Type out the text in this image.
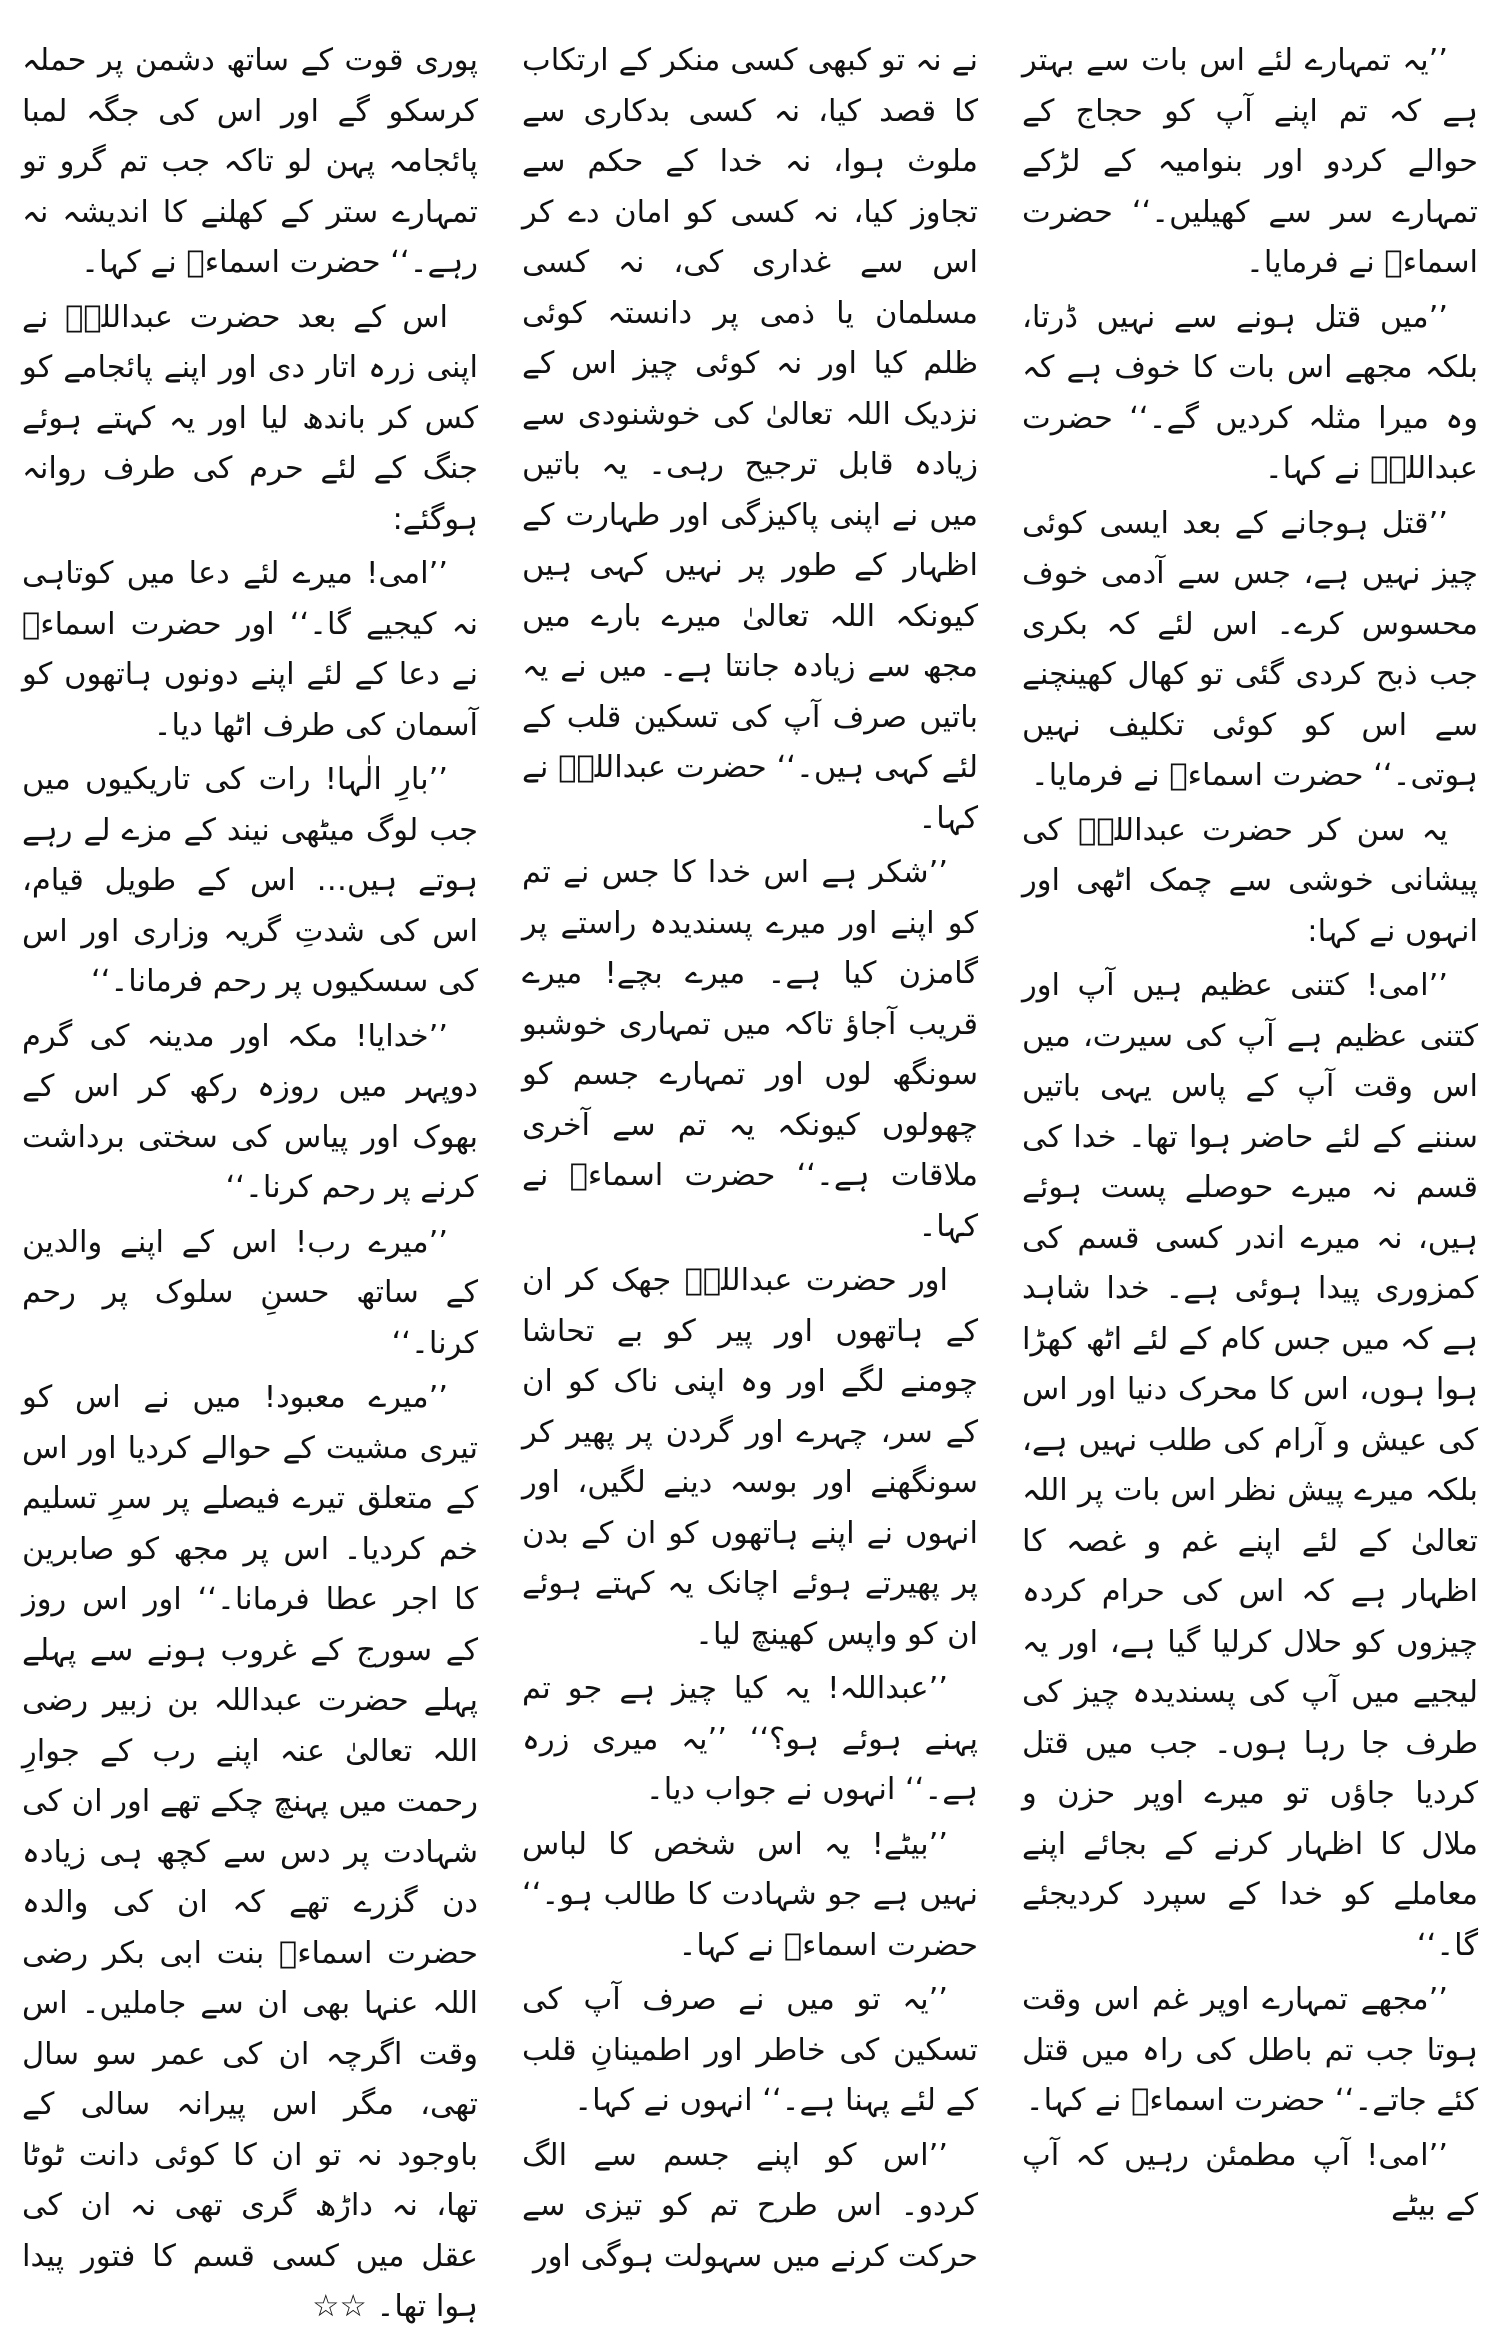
’’یہ تمہارے لئے اس بات سے بہتر ہے کہ تم اپنے آپ کو حجاج کے حوالے کردو اور بنوامیہ کے لڑکے تمہارے سر سے کھیلیں۔‘‘ حضرت اسماءؓ نے فرمایا۔

’’میں قتل ہونے سے نہیں ڈرتا، بلکہ مجھے اس بات کا خوف ہے کہ وہ میرا مثلہ کردیں گے۔‘‘ حضرت عبداللہؓ نے کہا۔

’’قتل ہوجانے کے بعد ایسی کوئی چیز نہیں ہے، جس سے آدمی خوف محسوس کرے۔ اس لئے کہ بکری جب ذبح کردی گئی تو کھال کھینچنے سے اس کو کوئی تکلیف نہیں ہوتی۔‘‘ حضرت اسماءؓ نے فرمایا۔

یہ سن کر حضرت عبداللہؓ کی پیشانی خوشی سے چمک اٹھی اور انہوں نے کہا:

’’امی! کتنی عظیم ہیں آپ اور کتنی عظیم ہے آپ کی سیرت، میں اس وقت آپ کے پاس یہی باتیں سننے کے لئے حاضر ہوا تھا۔ خدا کی قسم نہ میرے حوصلے پست ہوئے ہیں، نہ میرے اندر کسی قسم کی کمزوری پیدا ہوئی ہے۔ خدا شاہد ہے کہ میں جس کام کے لئے اٹھ کھڑا ہوا ہوں، اس کا محرک دنیا اور اس کی عیش و آرام کی طلب نہیں ہے، بلکہ میرے پیش نظر اس بات پر اللہ تعالیٰ کے لئے اپنے غم و غصہ کا اظہار ہے کہ اس کی حرام کردہ چیزوں کو حلال کرلیا گیا ہے، اور یہ لیجیے میں آپ کی پسندیدہ چیز کی طرف جا رہا ہوں۔ جب میں قتل کردیا جاؤں تو میرے اوپر حزن و ملال کا اظہار کرنے کے بجائے اپنے معاملے کو خدا کے سپرد کردیجئے گا۔‘‘

’’مجھے تمہارے اوپر غم اس وقت ہوتا جب تم باطل کی راہ میں قتل کئے جاتے۔‘‘ حضرت اسماءؓ نے کہا۔

’’امی! آپ مطمئن رہیں کہ آپ کے بیٹے

نے نہ تو کبھی کسی منکر کے ارتکاب کا قصد کیا، نہ کسی بدکاری سے ملوث ہوا، نہ خدا کے حکم سے تجاوز کیا، نہ کسی کو امان دے کر اس سے غداری کی، نہ کسی مسلمان یا ذمی پر دانستہ کوئی ظلم کیا اور نہ کوئی چیز اس کے نزدیک اللہ تعالیٰ کی خوشنودی سے زیادہ قابل ترجیح رہی۔ یہ باتیں میں نے اپنی پاکیزگی اور طہارت کے اظہار کے طور پر نہیں کہی ہیں کیونکہ اللہ تعالیٰ میرے بارے میں مجھ سے زیادہ جانتا ہے۔ میں نے یہ باتیں صرف آپ کی تسکین قلب کے لئے کہی ہیں۔‘‘ حضرت عبداللہؓ نے کہا۔

’’شکر ہے اس خدا کا جس نے تم کو اپنے اور میرے پسندیدہ راستے پر گامزن کیا ہے۔ میرے بچے! میرے قریب آجاؤ تاکہ میں تمہاری خوشبو سونگھ لوں اور تمہارے جسم کو چھولوں کیونکہ یہ تم سے آخری ملاقات ہے۔‘‘ حضرت اسماءؓ نے کہا۔

اور حضرت عبداللہؓ جھک کر ان کے ہاتھوں اور پیر کو بے تحاشا چومنے لگے اور وہ اپنی ناک کو ان کے سر، چہرے اور گردن پر پھیر کر سونگھنے اور بوسہ دینے لگیں، اور انہوں نے اپنے ہاتھوں کو ان کے بدن پر پھیرتے ہوئے اچانک یہ کہتے ہوئے ان کو واپس کھینچ لیا۔

’’عبداللہ! یہ کیا چیز ہے جو تم پہنے ہوئے ہو؟‘‘ ’’یہ میری زرہ ہے۔‘‘ انہوں نے جواب دیا۔

’’بیٹے! یہ اس شخص کا لباس نہیں ہے جو شہادت کا طالب ہو۔‘‘ حضرت اسماءؓ نے کہا۔

’’یہ تو میں نے صرف آپ کی تسکین کی خاطر اور اطمینانِ قلب کے لئے پہنا ہے۔‘‘ انہوں نے کہا۔

’’اس کو اپنے جسم سے الگ کردو۔ اس طرح تم کو تیزی سے حرکت کرنے میں سہولت ہوگی اور

پوری قوت کے ساتھ دشمن پر حملہ کرسکو گے اور اس کی جگہ لمبا پائجامہ پہن لو تاکہ جب تم گرو تو تمہارے ستر کے کھلنے کا اندیشہ نہ رہے۔‘‘ حضرت اسماءؓ نے کہا۔

اس کے بعد حضرت عبداللہؓ نے اپنی زرہ اتار دی اور اپنے پائجامے کو کس کر باندھ لیا اور یہ کہتے ہوئے جنگ کے لئے حرم کی طرف روانہ ہوگئے:

’’امی! میرے لئے دعا میں کوتاہی نہ کیجیے گا۔‘‘ اور حضرت اسماءؓ نے دعا کے لئے اپنے دونوں ہاتھوں کو آسمان کی طرف اٹھا دیا۔

’’بارِ الٰہا! رات کی تاریکیوں میں جب لوگ میٹھی نیند کے مزے لے رہے ہوتے ہیں… اس کے طویل قیام، اس کی شدتِ گریہ وزاری اور اس کی سسکیوں پر رحم فرمانا۔‘‘

’’خدایا! مکہ اور مدینہ کی گرم دوپہر میں روزہ رکھ کر اس کے بھوک اور پیاس کی سختی برداشت کرنے پر رحم کرنا۔‘‘

’’میرے رب! اس کے اپنے والدین کے ساتھ حسنِ سلوک پر رحم کرنا۔‘‘

’’میرے معبود! میں نے اس کو تیری مشیت کے حوالے کردیا اور اس کے متعلق تیرے فیصلے پر سرِ تسلیم خم کردیا۔ اس پر مجھ کو صابرین کا اجر عطا فرمانا۔‘‘ اور اس روز کے سورج کے غروب ہونے سے پہلے پہلے حضرت عبداللہ بن زبیر رضی اللہ تعالیٰ عنہ اپنے رب کے جوارِ رحمت میں پہنچ چکے تھے اور ان کی شہادت پر دس سے کچھ ہی زیادہ دن گزرے تھے کہ ان کی والدہ حضرت اسماءؓ بنت ابی بکر رضی اللہ عنہا بھی ان سے جاملیں۔ اس وقت اگرچہ ان کی عمر سو سال تھی، مگر اس پیرانہ سالی کے باوجود نہ تو ان کا کوئی دانت ٹوٹا تھا، نہ داڑھ گری تھی نہ ان کی عقل میں کسی قسم کا فتور پیدا ہوا تھا۔ ☆☆
